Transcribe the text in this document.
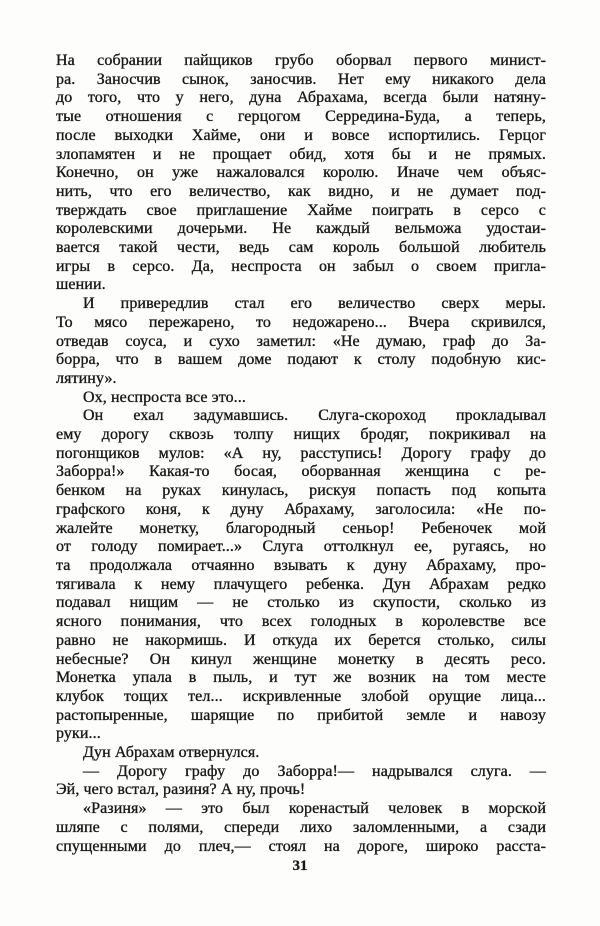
На собрании пайщиков грубо оборвал первого минист-
ра. Заносчив сынок, заносчив. Нет ему никакого дела
до того, что у него, дуна Абрахама, всегда были натяну-
тые отношения с герцогом Серредина-Буда, а теперь,
после выходки Хайме, они и вовсе испортились. Герцог
злопамятен и не прощает обид, хотя бы и не прямых.
Конечно, он уже нажаловался королю. Иначе чем объяс-
нить, что его величество, как видно, и не думает под-
тверждать свое приглашение Хайме поиграть в серсо с
королевскими дочерьми. Не каждый вельможа удостаи-
вается такой чести, ведь сам король большой любитель
игры в серсо. Да, неспроста он забыл о своем пригла-
шении.
И привередлив стал его величество сверх меры.
То мясо пережарено, то недожарено... Вчера скривился,
отведав соуса, и сухо заметил: «Не думаю, граф до За-
борра, что в вашем доме подают к столу подобную кис-
лятину».
Ох, неспроста все это...
Он ехал задумавшись. Слуга-скороход прокладывал
ему дорогу сквозь толпу нищих бродяг, покрикивал на
погонщиков мулов: «А ну, расступись! Дорогу графу до
Заборра!» Какая-то босая, оборванная женщина с ре-
бенком на руках кинулась, рискуя попасть под копыта
графского коня, к дуну Абрахаму, заголосила: «Не по-
жалейте монетку, благородный сеньор! Ребеночек мой
от голоду помирает...» Слуга оттолкнул ее, ругаясь, но
та продолжала отчаянно взывать к дуну Абрахаму, про-
тягивала к нему плачущего ребенка. Дун Абрахам редко
подавал нищим — не столько из скупости, сколько из
ясного понимания, что всех голодных в королевстве все
равно не накормишь. И откуда их берется столько, силы
небесные? Он кинул женщине монетку в десять ресо.
Монетка упала в пыль, и тут же возник на том месте
клубок тощих тел... искривленные злобой орущие лица...
растопыренные, шарящие по прибитой земле и навозу
руки...
Дун Абрахам отвернулся.
— Дорогу графу до Заборра!— надрывался слуга. —
Эй, чего встал, разиня? А ну, прочь!
«Разиня» — это был коренастый человек в морской
шляпе с полями, спереди лихо заломленными, а сзади
спущенными до плеч,— стоял на дороге, широко расста-
31
